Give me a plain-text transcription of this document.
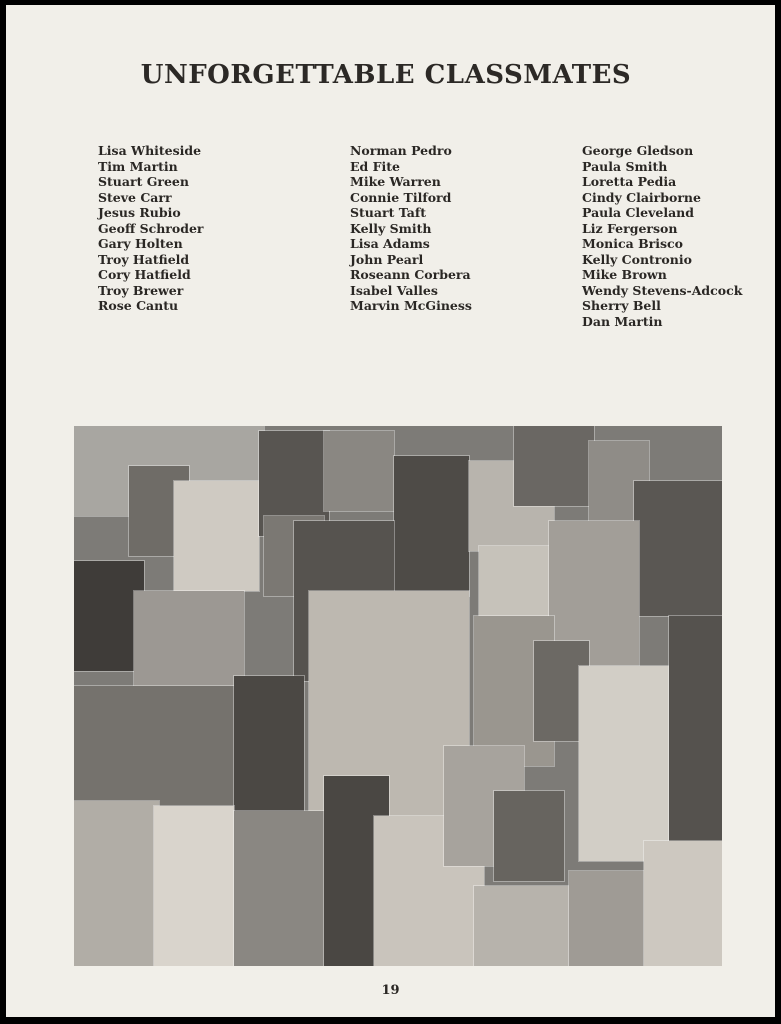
UNFORGETTABLE CLASSMATES
Lisa Whiteside
Tim Martin
Stuart Green
Steve Carr
Jesus Rubio
Geoff Schroder
Gary Holten
Troy Hatfield
Cory Hatfield
Troy Brewer
Rose Cantu
Norman Pedro
Ed Fite
Mike Warren
Connie Tilford
Stuart Taft
Kelly Smith
Lisa Adams
John Pearl
Roseann Corbera
Isabel Valles
Marvin McGiness
George Gledson
Paula Smith
Loretta Pedia
Cindy Clairborne
Paula Cleveland
Liz Fergerson
Monica Brisco
Kelly Contronio
Mike Brown
Wendy Stevens-Adcock
Sherry Bell
Dan Martin
19
